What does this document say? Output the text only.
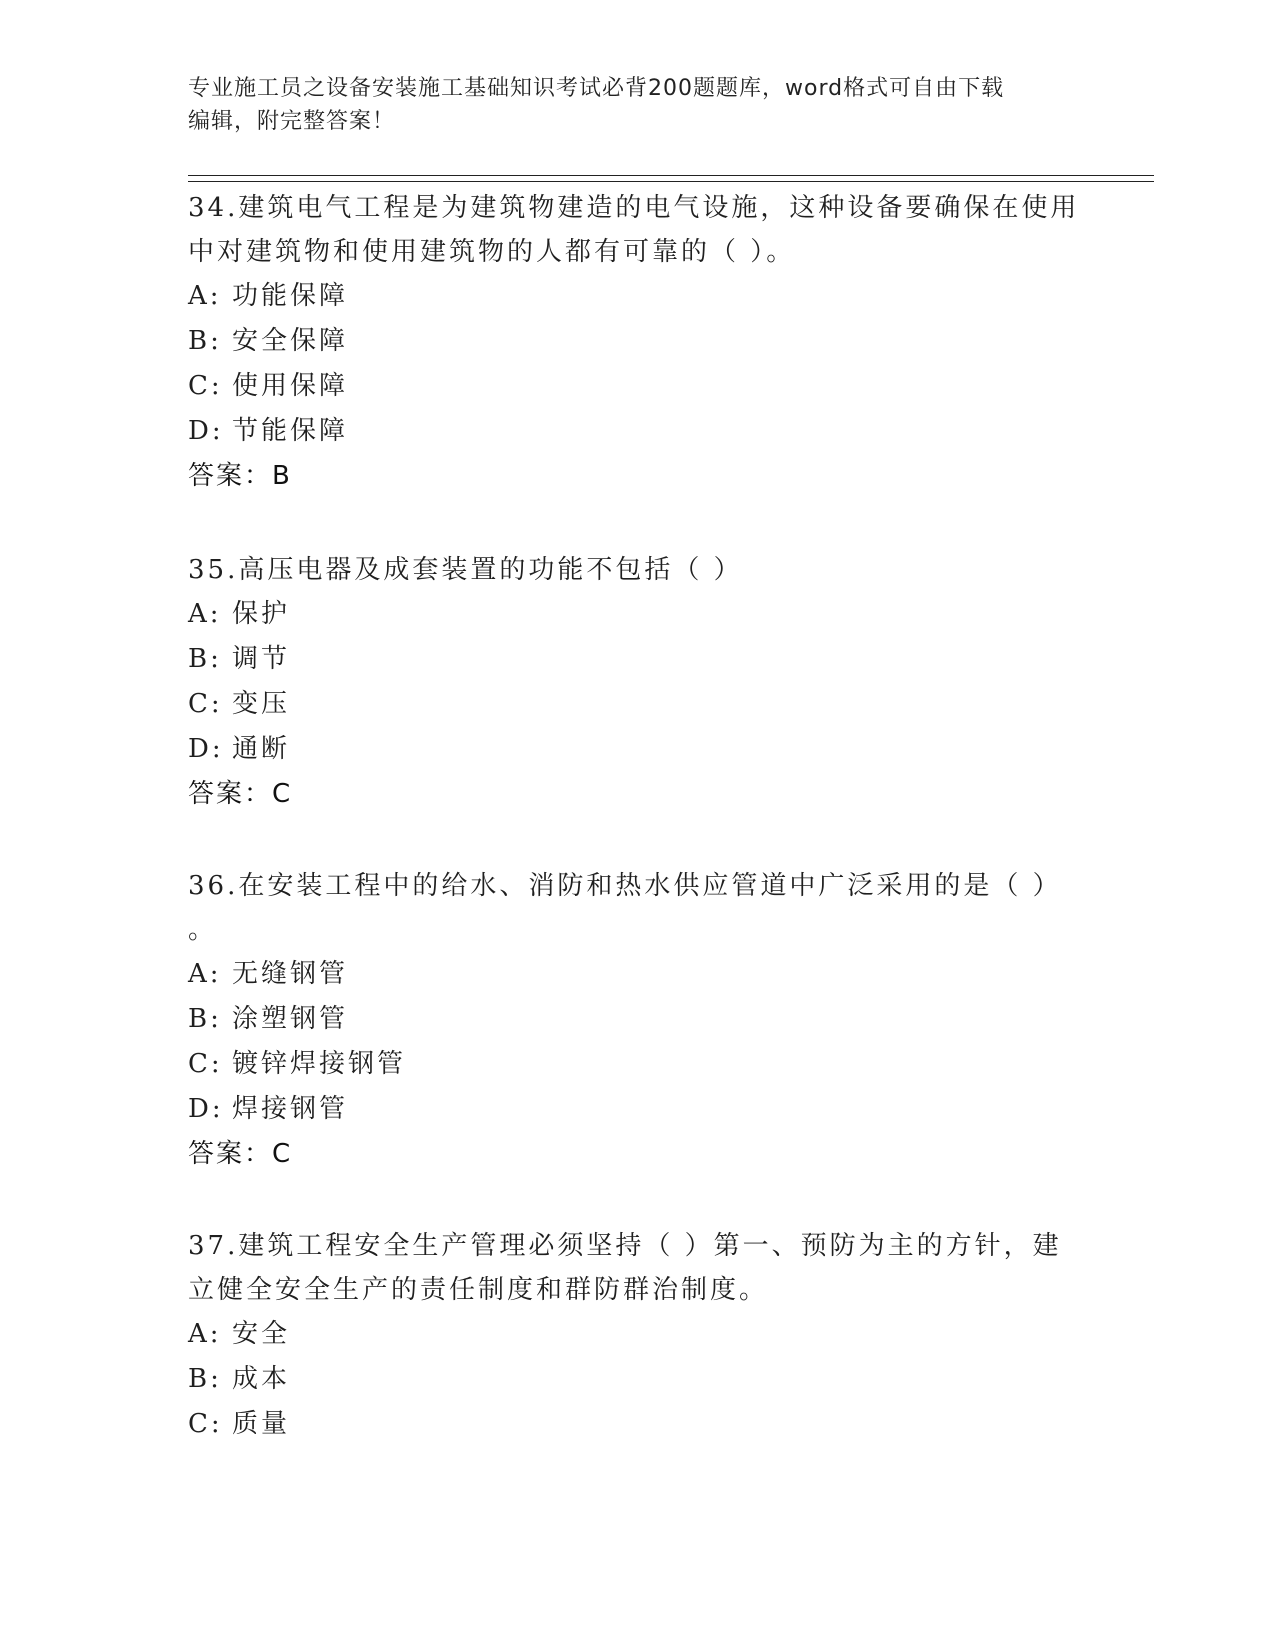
专业施工员之设备安装施工基础知识考试必背200题题库，word格式可自由下载
编辑，附完整答案！
34.建筑电气工程是为建筑物建造的电气设施，这种设备要确保在使用
中对建筑物和使用建筑物的人都有可靠的（ ）。
A: 功能保障
B: 安全保障
C: 使用保障
D: 节能保障
答案：B
35.高压电器及成套装置的功能不包括（ ）
A: 保护
B: 调节
C: 变压
D: 通断
答案：C
36.在安装工程中的给水、消防和热水供应管道中广泛采用的是（ ）
。
A: 无缝钢管
B: 涂塑钢管
C: 镀锌焊接钢管
D: 焊接钢管
答案：C
37.建筑工程安全生产管理必须坚持（ ）第一、预防为主的方针，建
立健全安全生产的责任制度和群防群治制度。
A: 安全
B: 成本
C: 质量
